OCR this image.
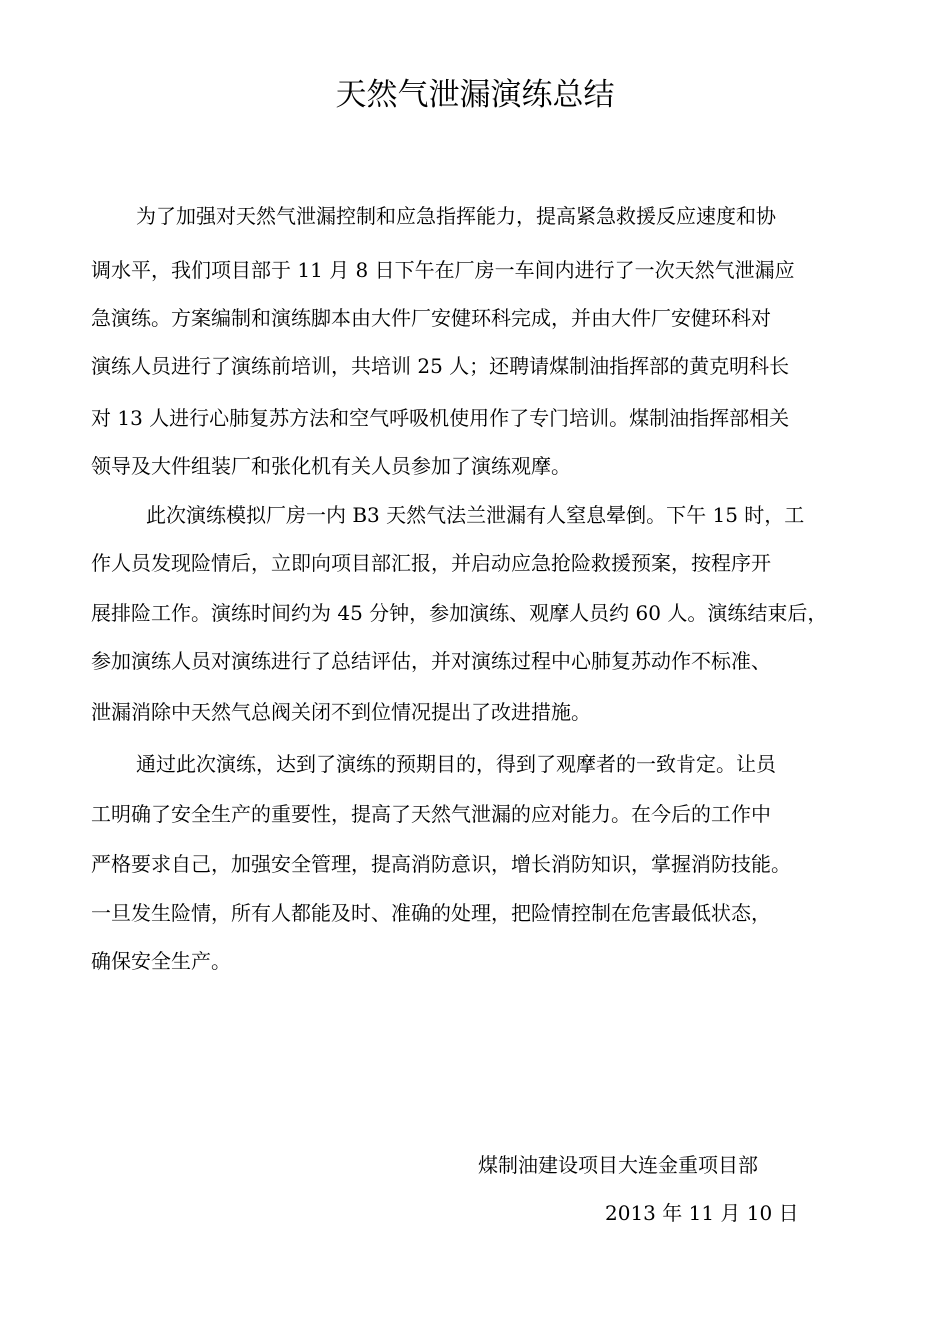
天然气泄漏演练总结

为了加强对天然气泄漏控制和应急指挥能力，提高紧急救援反应速度和协

调水平，我们项目部于 11 月 8 日下午在厂房一车间内进行了一次天然气泄漏应

急演练。方案编制和演练脚本由大件厂安健环科完成，并由大件厂安健环科对

演练人员进行了演练前培训，共培训 25 人；还聘请煤制油指挥部的黄克明科长

对 13 人进行心肺复苏方法和空气呼吸机使用作了专门培训。煤制油指挥部相关

领导及大件组装厂和张化机有关人员参加了演练观摩。

此次演练模拟厂房一内 B3 天然气法兰泄漏有人窒息晕倒。下午 15 时，工

作人员发现险情后，立即向项目部汇报，并启动应急抢险救援预案，按程序开

展排险工作。演练时间约为 45 分钟，参加演练、观摩人员约 60 人。演练结束后，

参加演练人员对演练进行了总结评估，并对演练过程中心肺复苏动作不标准、

泄漏消除中天然气总阀关闭不到位情况提出了改进措施。

通过此次演练，达到了演练的预期目的，得到了观摩者的一致肯定。让员

工明确了安全生产的重要性，提高了天然气泄漏的应对能力。在今后的工作中

严格要求自己，加强安全管理，提高消防意识，增长消防知识，掌握消防技能。

一旦发生险情，所有人都能及时、准确的处理，把险情控制在危害最低状态，

确保安全生产。

煤制油建设项目大连金重项目部

2013 年 11 月 10 日
